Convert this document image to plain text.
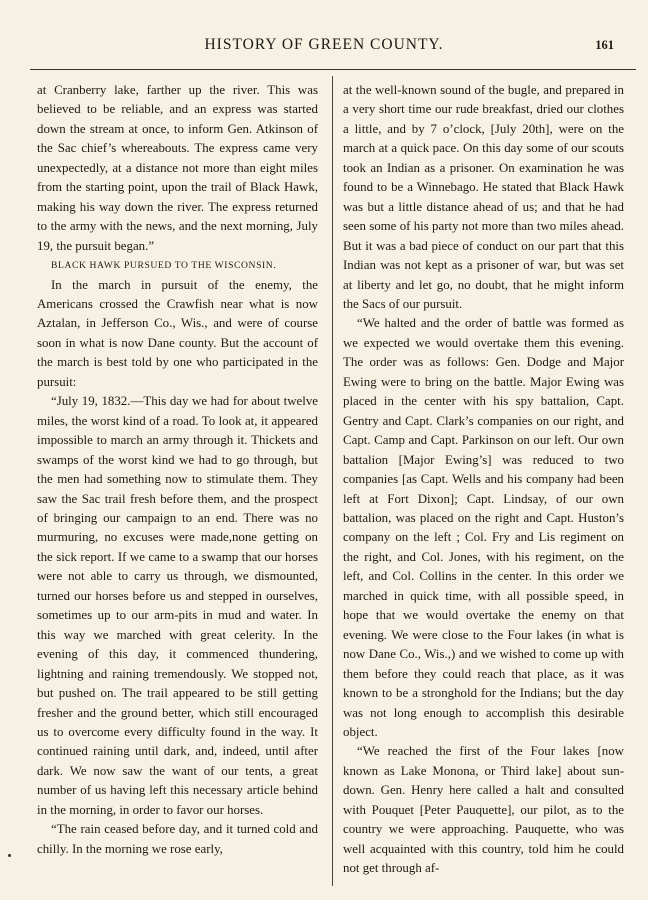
HISTORY OF GREEN COUNTY.	161

at Cranberry lake, farther up the river. This was believed to be reliable, and an express was started down the stream at once, to inform Gen. Atkinson of the Sac chief’s whereabouts. The express came very unexpectedly, at a distance not more than eight miles from the starting point, upon the trail of Black Hawk, making his way down the river. The express returned to the army with the news, and the next morning, July 19, the pursuit began.”

BLACK HAWK PURSUED TO THE WISCONSIN.

In the march in pursuit of the enemy, the Americans crossed the Crawfish near what is now Aztalan, in Jefferson Co., Wis., and were of course soon in what is now Dane county. But the account of the march is best told by one who participated in the pursuit:

“July 19, 1832.—This day we had for about twelve miles, the worst kind of a road. To look at, it appeared impossible to march an army through it. Thickets and swamps of the worst kind we had to go through, but the men had something now to stimulate them. They saw the Sac trail fresh before them, and the prospect of bringing our campaign to an end. There was no murmuring, no excuses were made,none getting on the sick report. If we came to a swamp that our horses were not able to carry us through, we dismounted, turned our horses before us and stepped in ourselves, sometimes up to our arm-pits in mud and water. In this way we marched with great celerity. In the evening of this day, it commenced thundering, lightning and raining tremendously. We stopped not, but pushed on. The trail appeared to be still getting fresher and the ground better, which still encouraged us to overcome every difficulty found in the way. It continued raining until dark, and, indeed, until after dark. We now saw the want of our tents, a great number of us having left this necessary article behind in the morning, in order to favor our horses.

“The rain ceased before day, and it turned cold and chilly. In the morning we rose early,

at the well-known sound of the bugle, and prepared in a very short time our rude breakfast, dried our clothes a little, and by 7 o’clock, [July 20th], were on the march at a quick pace. On this day some of our scouts took an Indian as a prisoner. On examination he was found to be a Winnebago. He stated that Black Hawk was but a little distance ahead of us; and that he had seen some of his party not more than two miles ahead. But it was a bad piece of conduct on our part that this Indian was not kept as a prisoner of war, but was set at liberty and let go, no doubt, that he might inform the Sacs of our pursuit.

“We halted and the order of battle was formed as we expected we would overtake them this evening. The order was as follows: Gen. Dodge and Major Ewing were to bring on the battle. Major Ewing was placed in the center with his spy battalion, Capt. Gentry and Capt. Clark’s companies on our right, and Capt. Camp and Capt. Parkinson on our left. Our own battalion [Major Ewing’s] was reduced to two companies [as Capt. Wells and his company had been left at Fort Dixon]; Capt. Lindsay, of our own battalion, was placed on the right and Capt. Huston’s company on the left ; Col. Fry and Lis regiment on the right, and Col. Jones, with his regiment, on the left, and Col. Collins in the center. In this order we marched in quick time, with all possible speed, in hope that we would overtake the enemy on that evening. We were close to the Four lakes (in what is now Dane Co., Wis.,) and we wished to come up with them before they could reach that place, as it was known to be a stronghold for the Indians; but the day was not long enough to accomplish this desirable object.

“We reached the first of the Four lakes [now known as Lake Monona, or Third lake] about sun-down. Gen. Henry here called a halt and consulted with Pouquet [Peter Pauquette], our pilot, as to the country we were approaching. Pauquette, who was well acquainted with this country, told him he could not get through af-
